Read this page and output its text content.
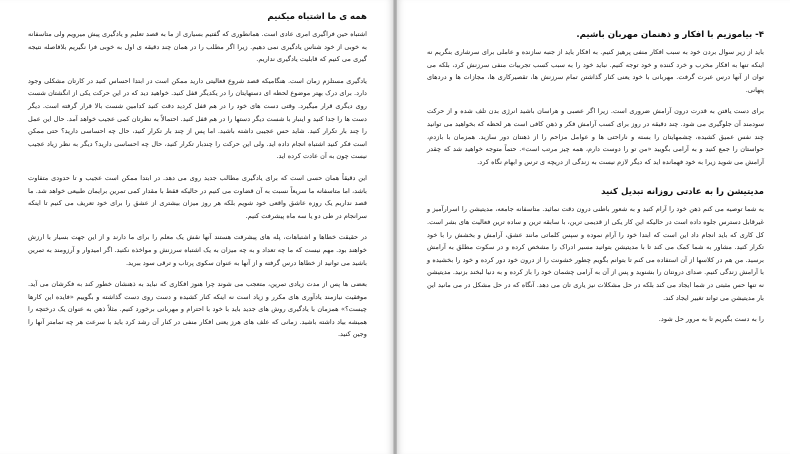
همه ی ما اشتباه میکنیم

اشتباه حین فراگیری امری عادی است. همانطوری که گفتیم بسیاری از ما به قصد تعلیم و یادگیری پیش میرویم ولی متاسفانه به خوبی از خود شناس یادگیری نمی دهیم. زیرا اگر مطلب را در همان چند دقیقه ی اول به خوبی فرا نگیریم بلافاصله نتیجه گیری می کنیم که قابلیت یادگیری نداریم.

یادگیری مستلزم زمان است. هنگامیکه قصد شروع فعالیتی دارید ممکن است در ابتدا احساس کنید در کارتان مشکلی وجود دارد. برای درک بهتر موضوع لحظه ای دستهایتان را در یکدیگر قفل کنید. خواهید دید که در این حرکت یکی از انگشتان شست روی دیگری قرار میگیرد. وقتی دست های خود را در هم قفل کردید دقت کنید کدامین شست بالا قرار گرفته است. دیگر دست ها را جدا کنید و اینبار با شست دیگر دستها را در هم قفل کنید. احتمالاً به نظرتان کمی عجیب خواهد آمد. حال این عمل را چند بار تکرار کنید. شاید حس عجیبی داشته باشید. اما پس از چند بار تکرار کنید، حال چه احساسی دارید؟ حتی ممکن است فکر کنید اشتباه انجام داده اید. ولی این حرکت را چندبار تکرار کنید، حال چه احساسی دارید؟ دیگر به نظر زیاد عجیب نیست چون به آن عادت کرده اید.

این دقیقاً همان حسی است که برای یادگیری مطالب جدید روی می دهد. در ابتدا ممکن است عجیب و تا حدودی متفاوت باشد، اما متاسفانه ما سریعاً نسبت به آن قضاوت می کنیم در حالیکه فقط با مقدار کمی تمرین برایمان طبیعی خواهد شد. ما قصد نداریم یک روزه عاشق واقعی خود شویم بلکه هر روز میزان بیشتری از عشق را برای خود تعریف می کنیم تا اینکه سرانجام در طی دو یا سه ماه پیشرفت کنیم.

در حقیقت خطاها و اشتباهات، پله های پیشرفت هستند آنها نقش یک معلم را برای ما دارند و از این جهت بسیار با ارزش خواهند بود. مهم نیست که ما چه تعداد و به چه میزان به یک اشتباه سرزنش و مواخذه نکنید. اگر امیدوار و آرزومند به تمرین باشید می توانید از خطاها درس گرفته و از آنها به عنوان سکوی پرتاب و ترقی سود ببرید.

بعضی ها پس از مدت زیادی تمرین، متعجب می شوند چرا هنوز افکاری که نباید به ذهنشان خطور کند به فکرشان می آید. موفقیت نیازمند یادآوری های مکرر و زیاد است نه اینکه کنار کشیده و دست روی دست گذاشته و بگوییم «فایده این کارها چیست؟» همزمان با یادگیری روش های جدید باید با خود با احترام و مهربانی برخورد کنیم. مثلاً ذهن به عنوان یک درختچه را همیشه بیاد داشته باشید. زمانی که علف های هرز یعنی افکار منفی در کنار آن رشد کرد باید با سرعت هر چه تمامتر آنها را وجین کنید.

۴- بیاموزیم با افکار و ذهنمان مهربان باشیم.

باید از زیر سوال بردن خود به سبب افکار منفی پرهیز کنیم. به افکار باید از جنبه سازنده و عاملی برای سرشاری بنگریم نه اینکه تنها به افکار مخرب و خرد کننده و خود توجه کنیم. نباید خود را به سبب کسب تجربیات منفی سرزنش کرد، بلکه می توان از آنها درس عبرت گرفت. مهربانی با خود یعنی کنار گذاشتن تمام سرزنش ها، تقصیرکاری ها، مجازات ها و دردهای پنهانی.

برای دست یافتن به قدرت درون آرامش ضروری است. زیرا اگر عصبی و هراسان باشید انرژی بدن تلف شده و از حرکت سودمند آن جلوگیری می شود. چند دقیقه در روز برای کسب آرامش فکر و ذهن کافی است هر لحظه که بخواهید می توانید چند نفس عمیق کشیده، چشمهایتان را بسته و ناراحتی ها و عوامل مزاحم را از ذهنتان دور سازید. همزمان با بازدم، حواستان را جمع کنید و به آرامی بگویید «من تو را دوست دارم، همه چیز مرتب است». حتماً متوجه خواهید شد که چقدر آرامش می شوید زیرا به خود فهمانده اید که دیگر لازم نیست به زندگی از دریچه ی ترس و ابهام نگاه کرد.

مدیتیشن را به عادتی روزانه تبدیل کنید

به شما توصیه می کنم ذهن خود را آرام کنید و به شعور باطنی درون دقت نمائید. متاسفانه جامعه، مدیتیشن را اسرارآمیز و غیرقابل دسترس جلوه داده است در حالیکه این کار یکی از قدیمی ترین، با سابقه ترین و ساده ترین فعالیت های بشر است. کل کاری که باید انجام داد این است که ابتدا خود را آرام نموده و سپس کلماتی مانند عشق، آرامش و بخشش را با خود تکرار کنید. مشاور به شما کمک می کند تا با مدیتیشن بتوانید مسیر ادراک را مشخص کرده و در سکوت مطلق به آرامش برسید. من هم در کلاسها از آن استفاده می کنم تا بتوانم بگویم چطور خشونت را از درون خود دور کرده و خود را بخشیده و با آرامش زندگی کنیم. صدای درونتان را بشنوید و پس از آن به آرامی چشمان خود را باز کرده و به دنیا لبخند بزنید. مدیتیشن نه تنها حس مثبتی در شما ایجاد می کند بلکه در حل مشکلات نیز یاری تان می دهد. آنگاه که در حل مشکل در می مانید این بار مدیتیشن می تواند تغییر ایجاد کند.

را به دست بگیریم تا به مرور حل شود.
